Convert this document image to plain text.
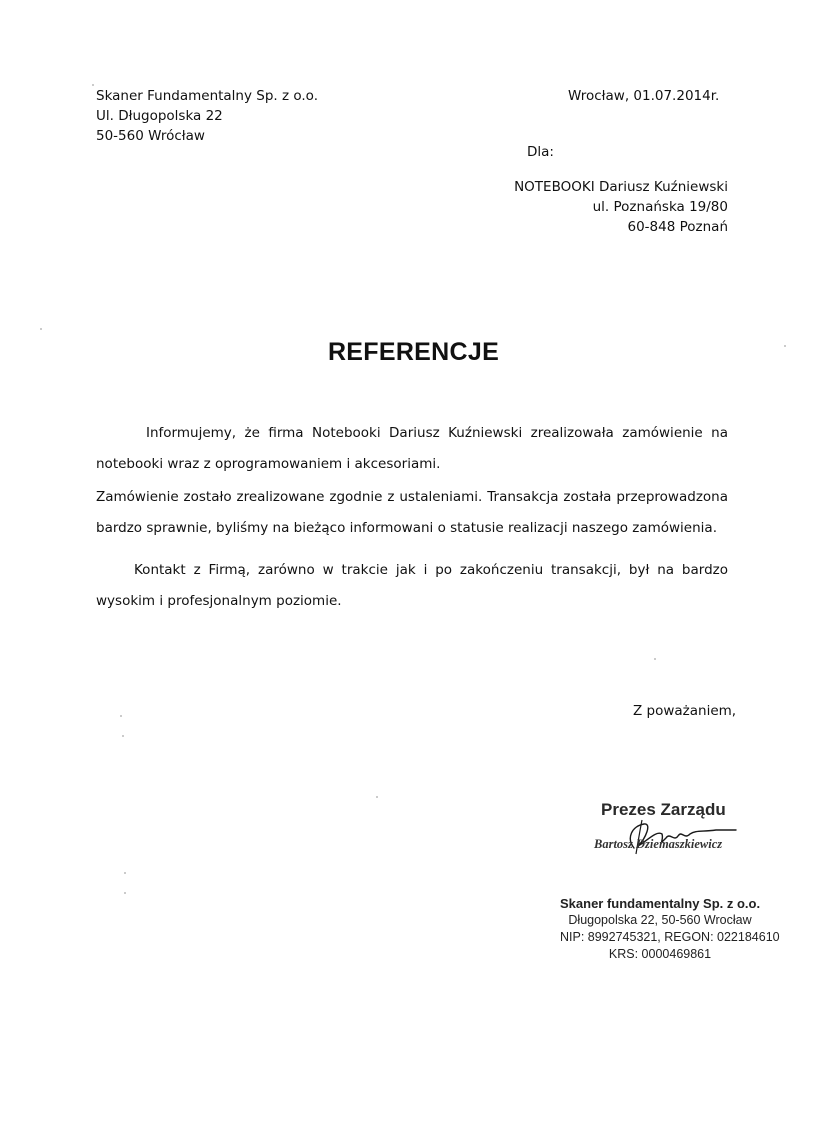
Skaner Fundamentalny Sp. z o.o.
Ul. Długopolska 22
50-560 Wrócław
Wrocław, 01.07.2014r.
Dla:
NOTEBOOKI Dariusz Kuźniewski
ul. Poznańska 19/80
60-848 Poznań
REFERENCJE
Informujemy, że firma Notebooki Dariusz Kuźniewski zrealizowała zamówienie na notebooki wraz z oprogramowaniem i akcesoriami.
Zamówienie zostało zrealizowane zgodnie z ustaleniami. Transakcja została przeprowadzona bardzo sprawnie, byliśmy na bieżąco informowani o statusie realizacji naszego zamówienia.
Kontakt z Firmą, zarówno w trakcie jak i po zakończeniu transakcji, był na bardzo wysokim i profesjonalnym poziomie.
Z poważaniem,
Prezes Zarządu
Bartosz Dziemaszkiewicz
Skaner fundamentalny Sp. z o.o.
Długopolska 22, 50-560 Wrocław
NIP: 8992745321, REGON: 022184610
KRS: 0000469861
